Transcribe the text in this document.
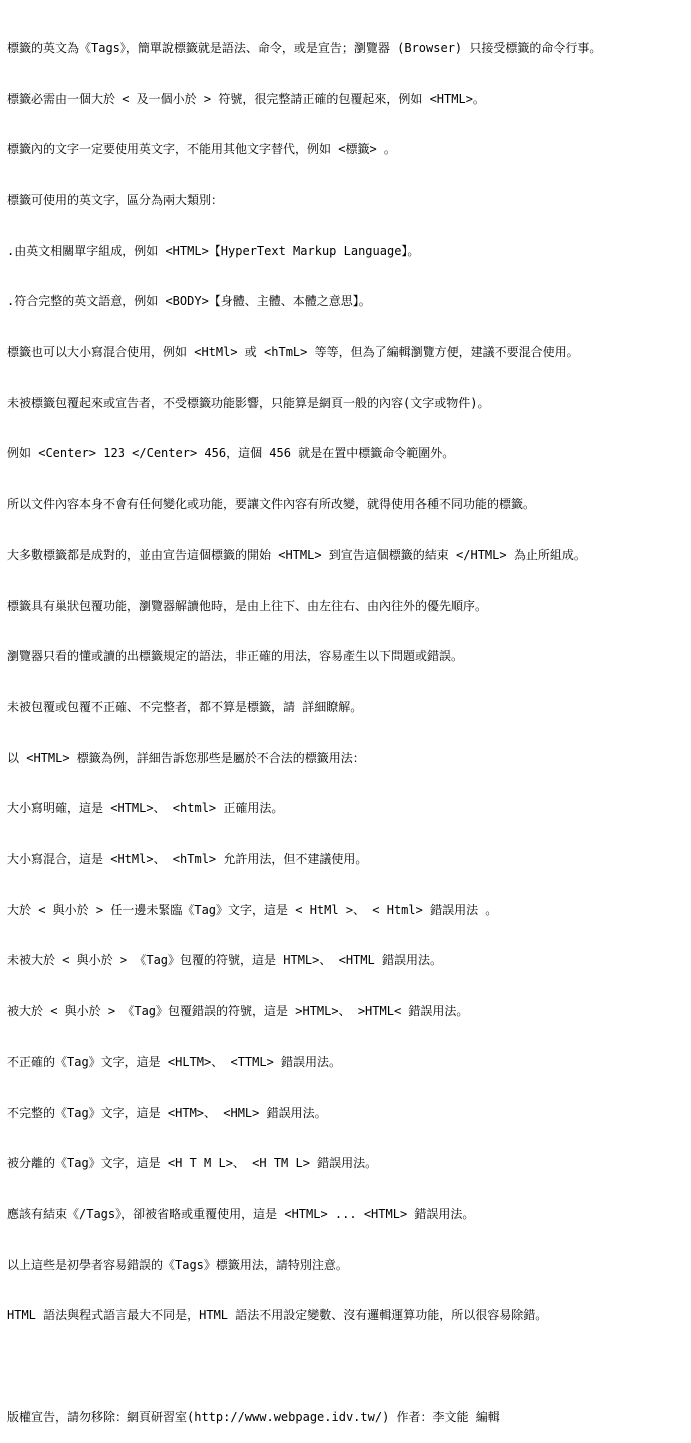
標籤的英文為《Tags》，簡單說標籤就是語法、命令，或是宣告；瀏覽器 (Browser) 只接受標籤的命令行事。

標籤必需由一個大於 < 及一個小於 > 符號，很完整請正確的包覆起來，例如 <HTML>。

標籤內的文字一定要使用英文字，不能用其他文字替代，例如 <標籤> 。

標籤可使用的英文字，區分為兩大類別：

.由英文相關單字組成，例如 <HTML>【HyperText Markup Language】。

.符合完整的英文語意，例如 <BODY>【身體、主體、本體之意思】。

標籤也可以大小寫混合使用，例如 <HtMl> 或 <hTmL> 等等，但為了編輯瀏覽方便，建議不要混合使用。

未被標籤包覆起來或宣告者，不受標籤功能影響，只能算是網頁一般的內容(文字或物件)。

例如 <Center> 123 </Center> 456，這個 456 就是在置中標籤命令範圍外。

所以文件內容本身不會有任何變化或功能，要讓文件內容有所改變，就得使用各種不同功能的標籤。

大多數標籤都是成對的，並由宣告這個標籤的開始 <HTML> 到宣告這個標籤的結束 </HTML> 為止所組成。

標籤具有巢狀包覆功能，瀏覽器解讀他時，是由上往下、由左往右、由內往外的優先順序。

瀏覽器只看的懂或讀的出標籤規定的語法，非正確的用法，容易產生以下問題或錯誤。

未被包覆或包覆不正確、不完整者，都不算是標籤，請 詳細瞭解。

以 <HTML> 標籤為例，詳細告訴您那些是屬於不合法的標籤用法：

大小寫明確，這是 <HTML>、 <html> 正確用法。

大小寫混合，這是 <HtMl>、 <hTml> 允許用法，但不建議使用。

大於 < 與小於 > 任一邊未緊臨《Tag》文字，這是 < HtMl >、 < Html> 錯誤用法 。

未被大於 < 與小於 > 《Tag》包覆的符號，這是 HTML>、 <HTML 錯誤用法。

被大於 < 與小於 > 《Tag》包覆錯誤的符號，這是 >HTML>、 >HTML< 錯誤用法。

不正確的《Tag》文字，這是 <HLTM>、 <TTML> 錯誤用法。

不完整的《Tag》文字，這是 <HTM>、 <HML> 錯誤用法。

被分離的《Tag》文字，這是 <H T M L>、 <H TM L> 錯誤用法。

應該有結束《/Tags》，卻被省略或重覆使用，這是 <HTML> ... <HTML> 錯誤用法。

以上這些是初學者容易錯誤的《Tags》標籤用法，請特別注意。

HTML 語法與程式語言最大不同是，HTML 語法不用設定變數、沒有邏輯運算功能，所以很容易除錯。

版權宣告，請勿移除：網頁研習室(http://www.webpage.idv.tw/) 作者：李文能 編輯
